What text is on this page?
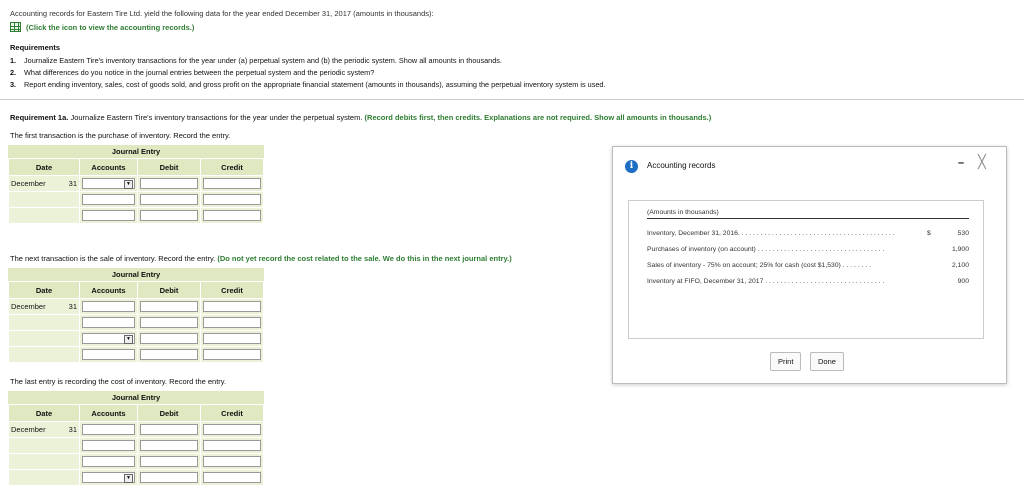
Accounting records for Eastern Tire Ltd. yield the following data for the year ended December 31, 2017 (amounts in thousands):
(Click the icon to view the accounting records.)
Requirements
1.	Journalize Eastern Tire's inventory transactions for the year under (a) perpetual system and (b) the periodic system. Show all amounts in thousands.
2.	What differences do you notice in the journal entries between the perpetual system and the periodic system?
3.	Report ending inventory, sales, cost of goods sold, and gross profit on the appropriate financial statement (amounts in thousands), assuming the perpetual inventory system is used.
Requirement 1a. Journalize Eastern Tire's inventory transactions for the year under the perpetual system. (Record debits first, then credits. Explanations are not required. Show all amounts in thousands.)
The first transaction is the purchase of inventory. Record the entry.
Journal Entry
Date	Accounts	Debit	Credit

December 31	▼		

The next transaction is the sale of inventory. Record the entry. (Do not yet record the cost related to the sale. We do this in the next journal entry.)
Journal Entry
Date	Accounts	Debit	Credit

December 31			

	▼		

The last entry is recording the cost of inventory. Record the entry.
Journal Entry
Date	Accounts	Debit	Credit

December 31			

	▼		

i	Accounting records	– ╳
(Amounts in thousands)
Inventory, December 31, 2016. . . . . . . . . . . . . . . . . . . . . . . . . . . . . . . . . . . . . . . . . .	$	530
Purchases of inventory (on account) . . . . . . . . . . . . . . . . . . . . . . . . . . . . . . . . . .	1,900
Sales of inventory - 75% on account; 25% for cash (cost $1,530) . . . . . . . .	2,100
Inventory at FIFO, December 31, 2017 . . . . . . . . . . . . . . . . . . . . . . . . . . . . . . . .	900
Print	Done
